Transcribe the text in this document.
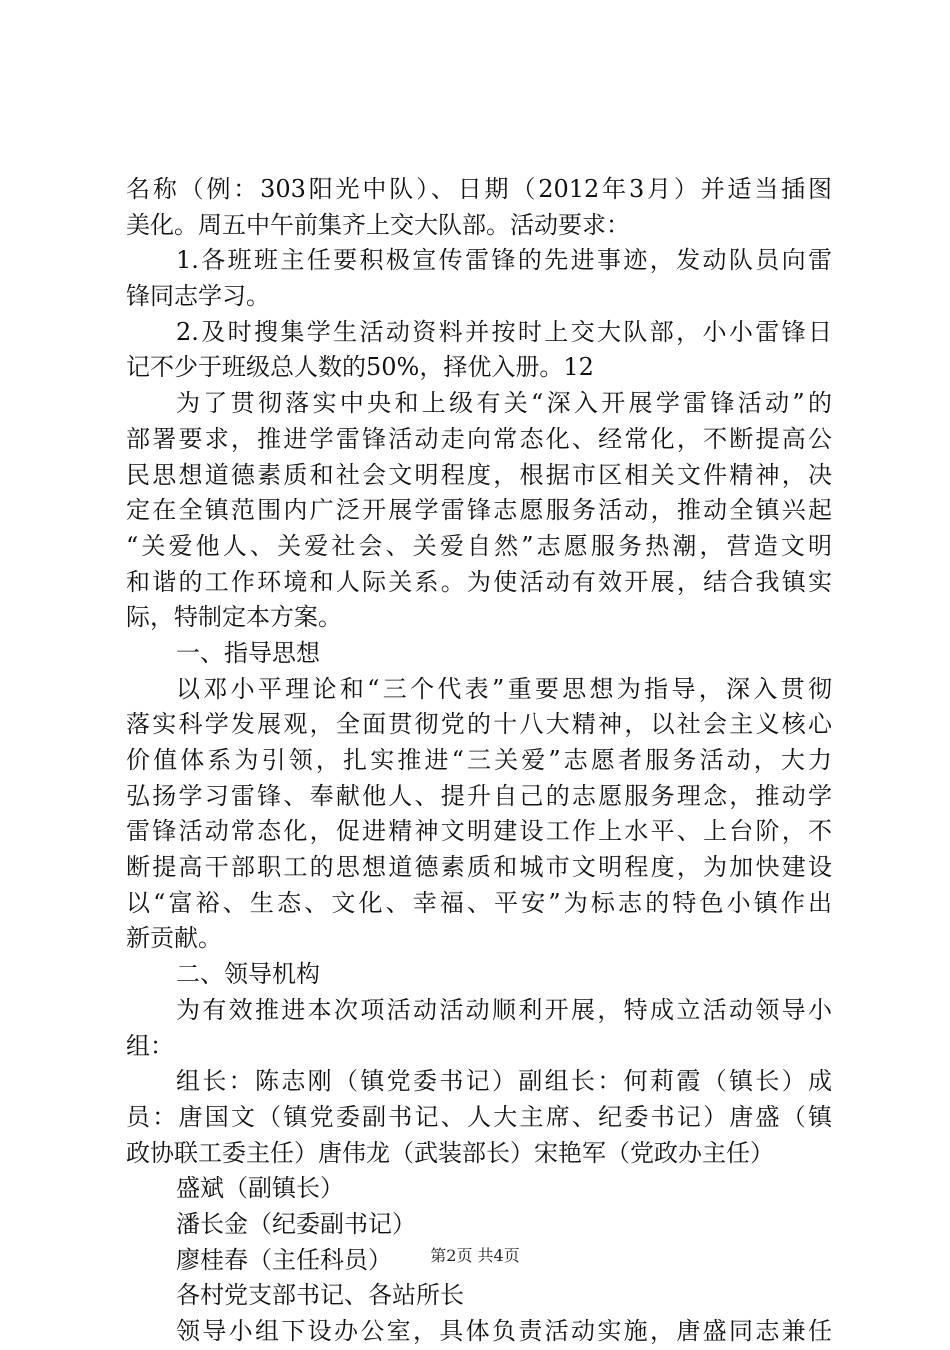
名称（例：303阳光中队）、日期（2012年3月）并适当插图
美化。周五中午前集齐上交大队部。活动要求：
1.各班班主任要积极宣传雷锋的先进事迹，发动队员向雷
锋同志学习。
2.及时搜集学生活动资料并按时上交大队部，小小雷锋日
记不少于班级总人数的50%，择优入册。12
为了贯彻落实中央和上级有关“深入开展学雷锋活动”的
部署要求，推进学雷锋活动走向常态化、经常化，不断提高公
民思想道德素质和社会文明程度，根据市区相关文件精神，决
定在全镇范围内广泛开展学雷锋志愿服务活动，推动全镇兴起
“关爱他人、关爱社会、关爱自然”志愿服务热潮，营造文明
和谐的工作环境和人际关系。为使活动有效开展，结合我镇实
际，特制定本方案。
一、指导思想
以邓小平理论和“三个代表”重要思想为指导，深入贯彻
落实科学发展观，全面贯彻党的十八大精神，以社会主义核心
价值体系为引领，扎实推进“三关爱”志愿者服务活动，大力
弘扬学习雷锋、奉献他人、提升自己的志愿服务理念，推动学
雷锋活动常态化，促进精神文明建设工作上水平、上台阶，不
断提高干部职工的思想道德素质和城市文明程度，为加快建设
以“富裕、生态、文化、幸福、平安”为标志的特色小镇作出
新贡献。
二、领导机构
为有效推进本次项活动活动顺利开展，特成立活动领导小
组：
组长：陈志刚（镇党委书记）副组长：何莉霞（镇长）成
员：唐国文（镇党委副书记、人大主席、纪委书记）唐盛（镇
政协联工委主任）唐伟龙（武装部长）宋艳军（党政办主任）
盛斌（副镇长）
潘长金（纪委副书记）
廖桂春（主任科员）
各村党支部书记、各站所长
领导小组下设办公室，具体负责活动实施，唐盛同志兼任
第2页 共4页
